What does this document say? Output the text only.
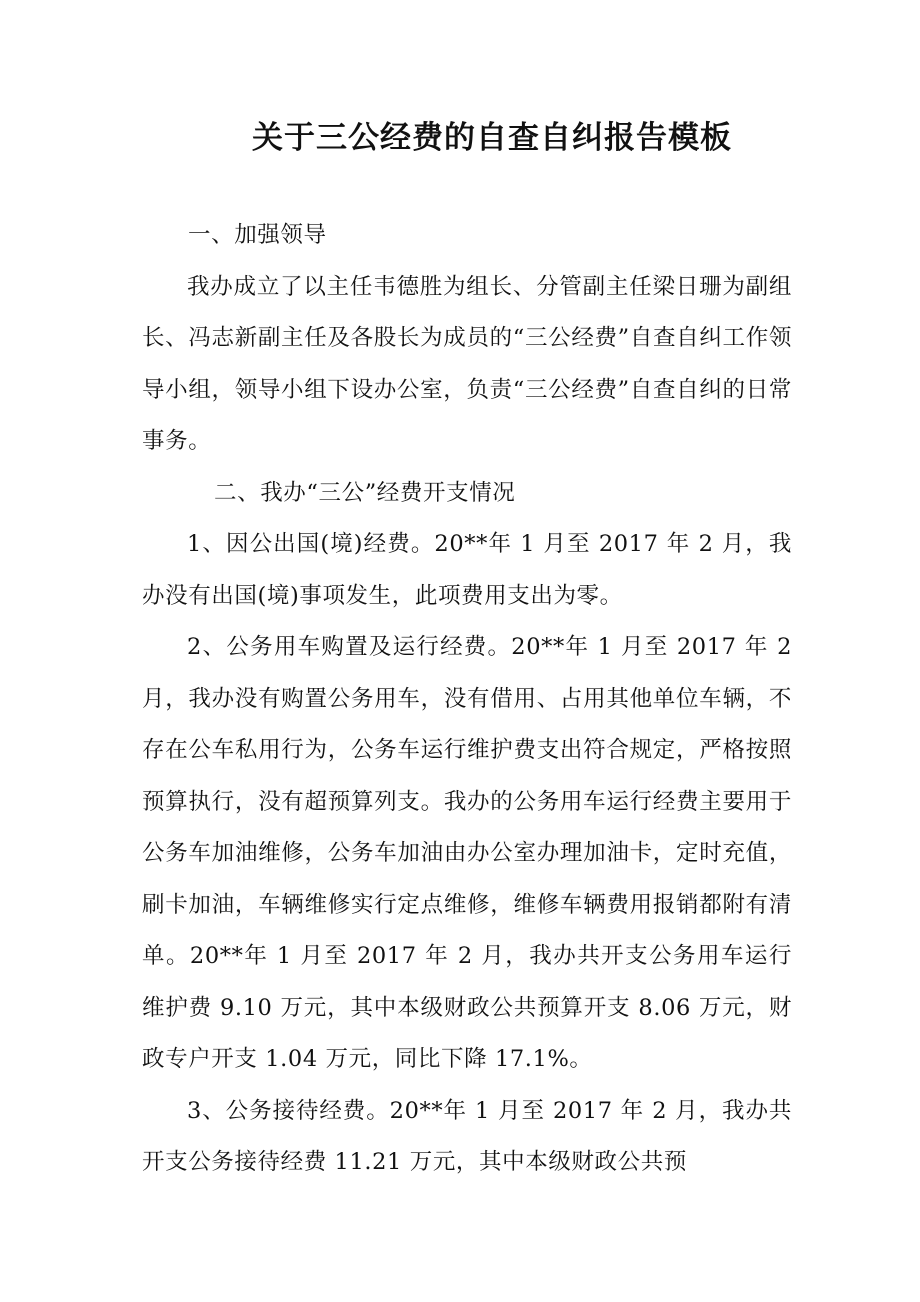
关于三公经费的自查自纠报告模板

一、加强领导

我办成立了以主任韦德胜为组长、分管副主任梁日珊为副组长、冯志新副主任及各股长为成员的“三公经费”自查自纠工作领导小组，领导小组下设办公室，负责“三公经费”自查自纠的日常事务。

二、我办“三公”经费开支情况

1、因公出国(境)经费。20**年 1 月至 2017 年 2 月，我办没有出国(境)事项发生，此项费用支出为零。

2、公务用车购置及运行经费。20**年 1 月至 2017 年 2 月，我办没有购置公务用车，没有借用、占用其他单位车辆，不存在公车私用行为，公务车运行维护费支出符合规定，严格按照预算执行，没有超预算列支。我办的公务用车运行经费主要用于公务车加油维修，公务车加油由办公室办理加油卡，定时充值，刷卡加油，车辆维修实行定点维修，维修车辆费用报销都附有清单。20**年 1 月至 2017 年 2 月，我办共开支公务用车运行维护费 9.10 万元，其中本级财政公共预算开支 8.06 万元，财政专户开支 1.04 万元，同比下降 17.1%。

3、公务接待经费。20**年 1 月至 2017 年 2 月，我办共开支公务接待经费 11.21 万元，其中本级财政公共预
